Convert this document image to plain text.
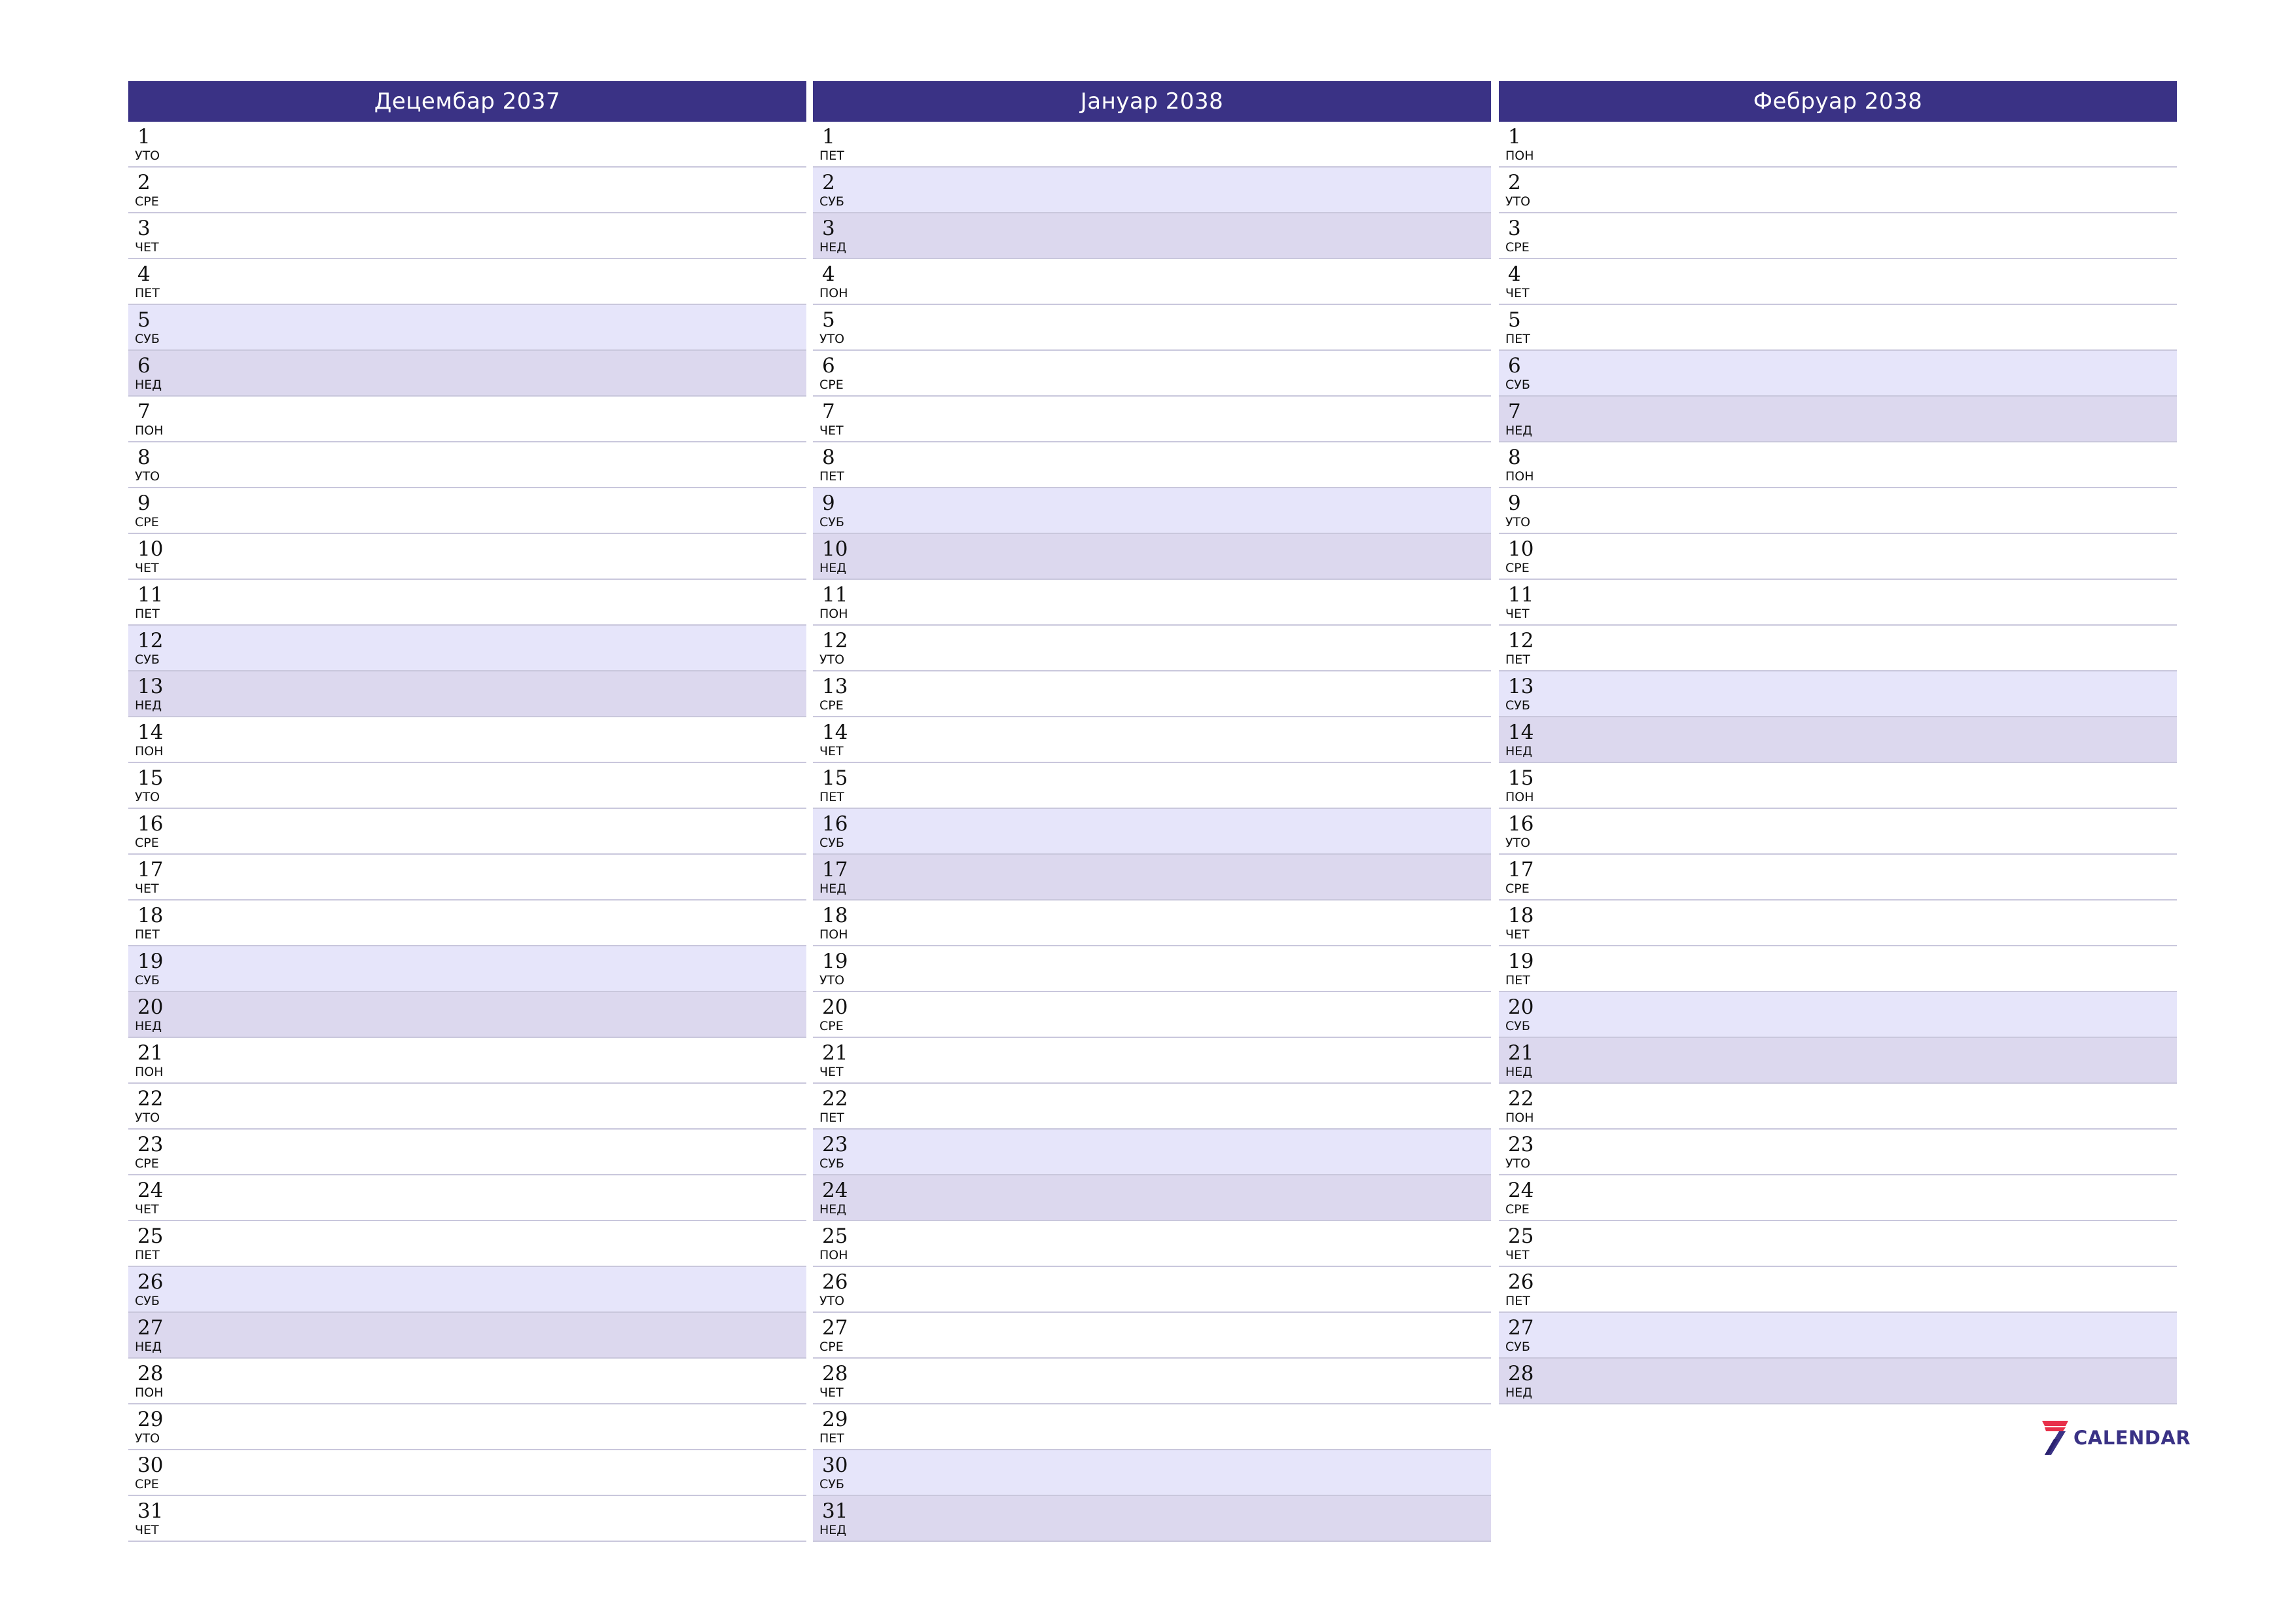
Децембар 2037
1
УТО
2
СРЕ
3
ЧЕТ
4
ПЕТ
5
СУБ
6
НЕД
7
ПОН
8
УТО
9
СРЕ
10
ЧЕТ
11
ПЕТ
12
СУБ
13
НЕД
14
ПОН
15
УТО
16
СРЕ
17
ЧЕТ
18
ПЕТ
19
СУБ
20
НЕД
21
ПОН
22
УТО
23
СРЕ
24
ЧЕТ
25
ПЕТ
26
СУБ
27
НЕД
28
ПОН
29
УТО
30
СРЕ
31
ЧЕТ
Јануар 2038
1
ПЕТ
2
СУБ
3
НЕД
4
ПОН
5
УТО
6
СРЕ
7
ЧЕТ
8
ПЕТ
9
СУБ
10
НЕД
11
ПОН
12
УТО
13
СРЕ
14
ЧЕТ
15
ПЕТ
16
СУБ
17
НЕД
18
ПОН
19
УТО
20
СРЕ
21
ЧЕТ
22
ПЕТ
23
СУБ
24
НЕД
25
ПОН
26
УТО
27
СРЕ
28
ЧЕТ
29
ПЕТ
30
СУБ
31
НЕД
Фебруар 2038
1
ПОН
2
УТО
3
СРЕ
4
ЧЕТ
5
ПЕТ
6
СУБ
7
НЕД
8
ПОН
9
УТО
10
СРЕ
11
ЧЕТ
12
ПЕТ
13
СУБ
14
НЕД
15
ПОН
16
УТО
17
СРЕ
18
ЧЕТ
19
ПЕТ
20
СУБ
21
НЕД
22
ПОН
23
УТО
24
СРЕ
25
ЧЕТ
26
ПЕТ
27
СУБ
28
НЕД
CALENDAR
